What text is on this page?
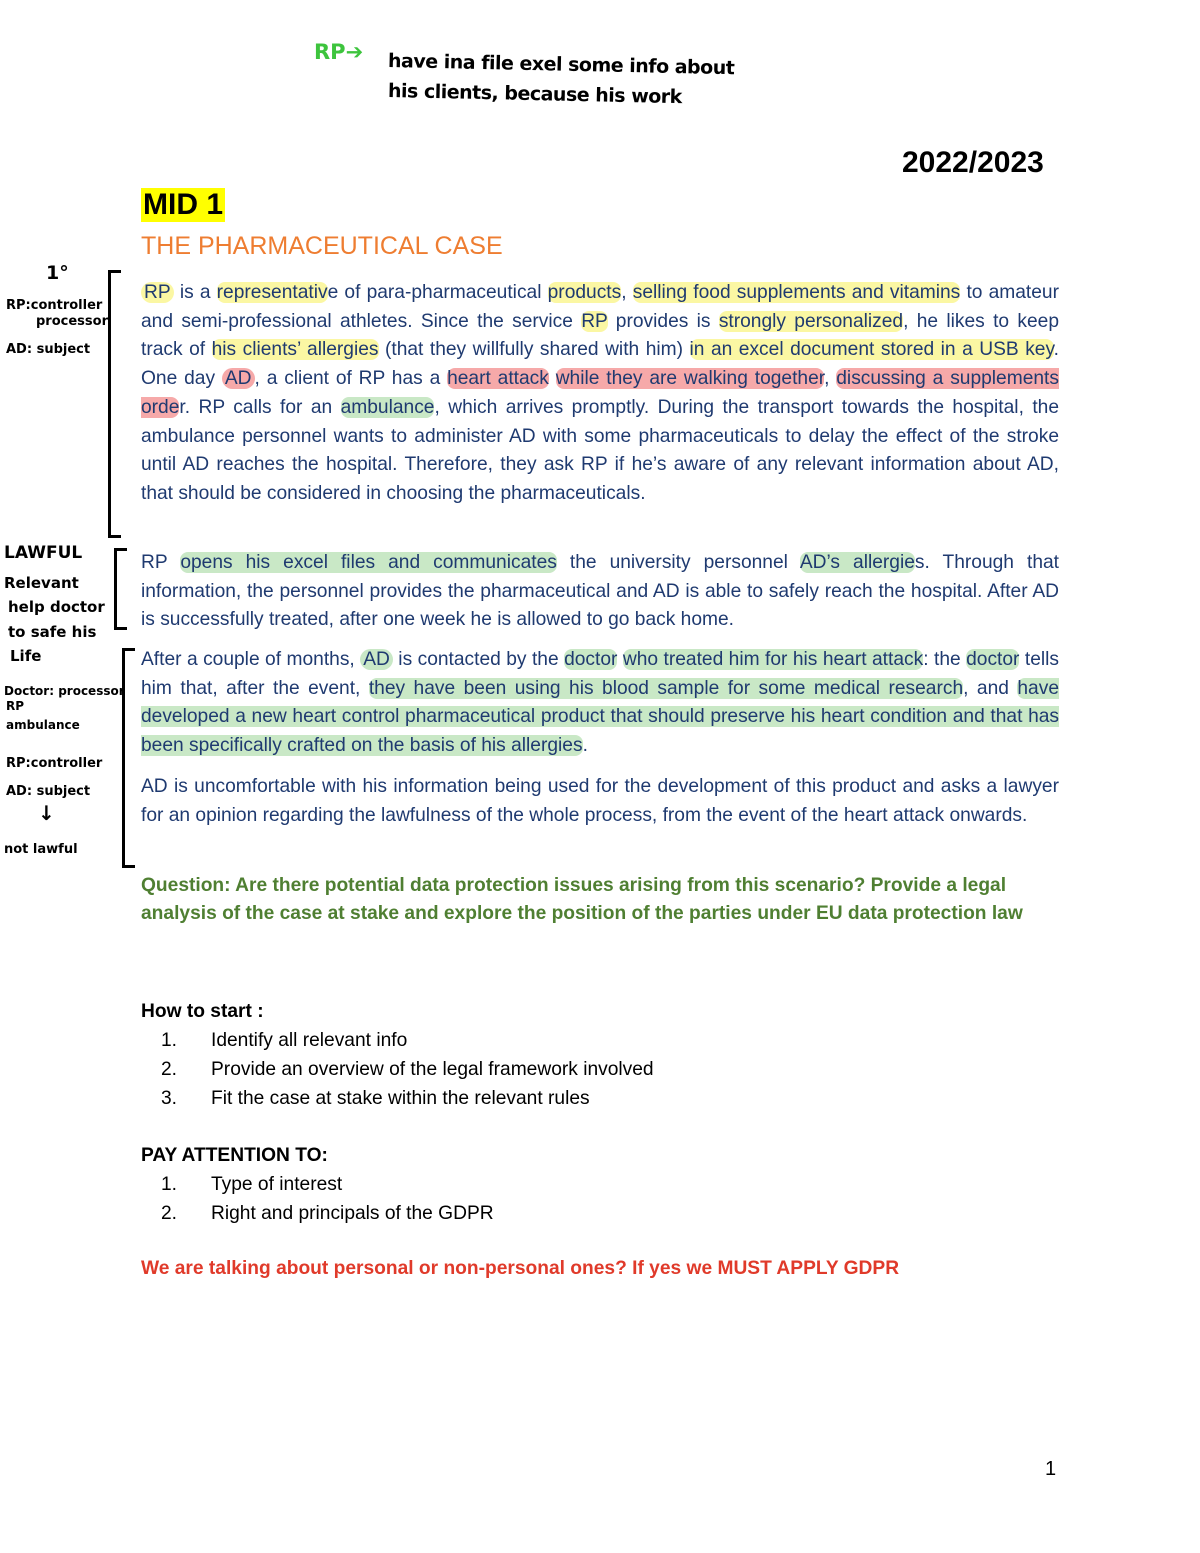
RP➔ have ina file exel some info about
his clients, because his work
2022/2023
MID 1
THE PHARMACEUTICAL CASE
1°
RP:controller
processor
AD: subject
LAWFUL
Relevant
help doctor
to safe his
Life
Doctor: processor
RP
ambulance
RP:controller
AD: subject
↓
not lawful

RP is a representative of para-pharmaceutical products, selling food supplements and vitamins to amateur and semi-professional athletes. Since the service RP provides is strongly personalized, he likes to keep track of his clients’ allergies (that they willfully shared with him) in an excel document stored in a USB key. One day AD , a client of RP has a heart attack while they are walking together, discussing a supplements order. RP calls for an ambulance, which arrives promptly. During the transport towards the hospital, the ambulance personnel wants to administer AD with some pharmaceuticals to delay the effect of the stroke until AD reaches the hospital. Therefore, they ask RP if he’s aware of any relevant information about AD, that should be considered in choosing the pharmaceuticals.

RP opens his excel files and communicates the university personnel AD’s allergies. Through that information, the personnel provides the pharmaceutical and AD is able to safely reach the hospital. After AD is successfully treated, after one week he is allowed to go back home.

After a couple of months, AD is contacted by the doctor who treated him for his heart attack: the doctor tells him that, after the event, they have been using his blood sample for some medical research, and have developed a new heart control pharmaceutical product that should preserve his heart condition and that has been specifically crafted on the basis of his allergies.

AD is uncomfortable with his information being used for the development of this product and asks a lawyer for an opinion regarding the lawfulness of the whole process, from the event of the heart attack onwards.

Question: Are there potential data protection issues arising from this scenario? Provide a legal analysis of the case at stake and explore the position of the parties under EU data protection law
How to start :
1. Identify all relevant info
2. Provide an overview of the legal framework involved
3. Fit the case at stake within the relevant rules
PAY ATTENTION TO:
1. Type of interest
2. Right and principals of the GDPR
We are talking about personal or non-personal ones? If yes we MUST APPLY GDPR
1
